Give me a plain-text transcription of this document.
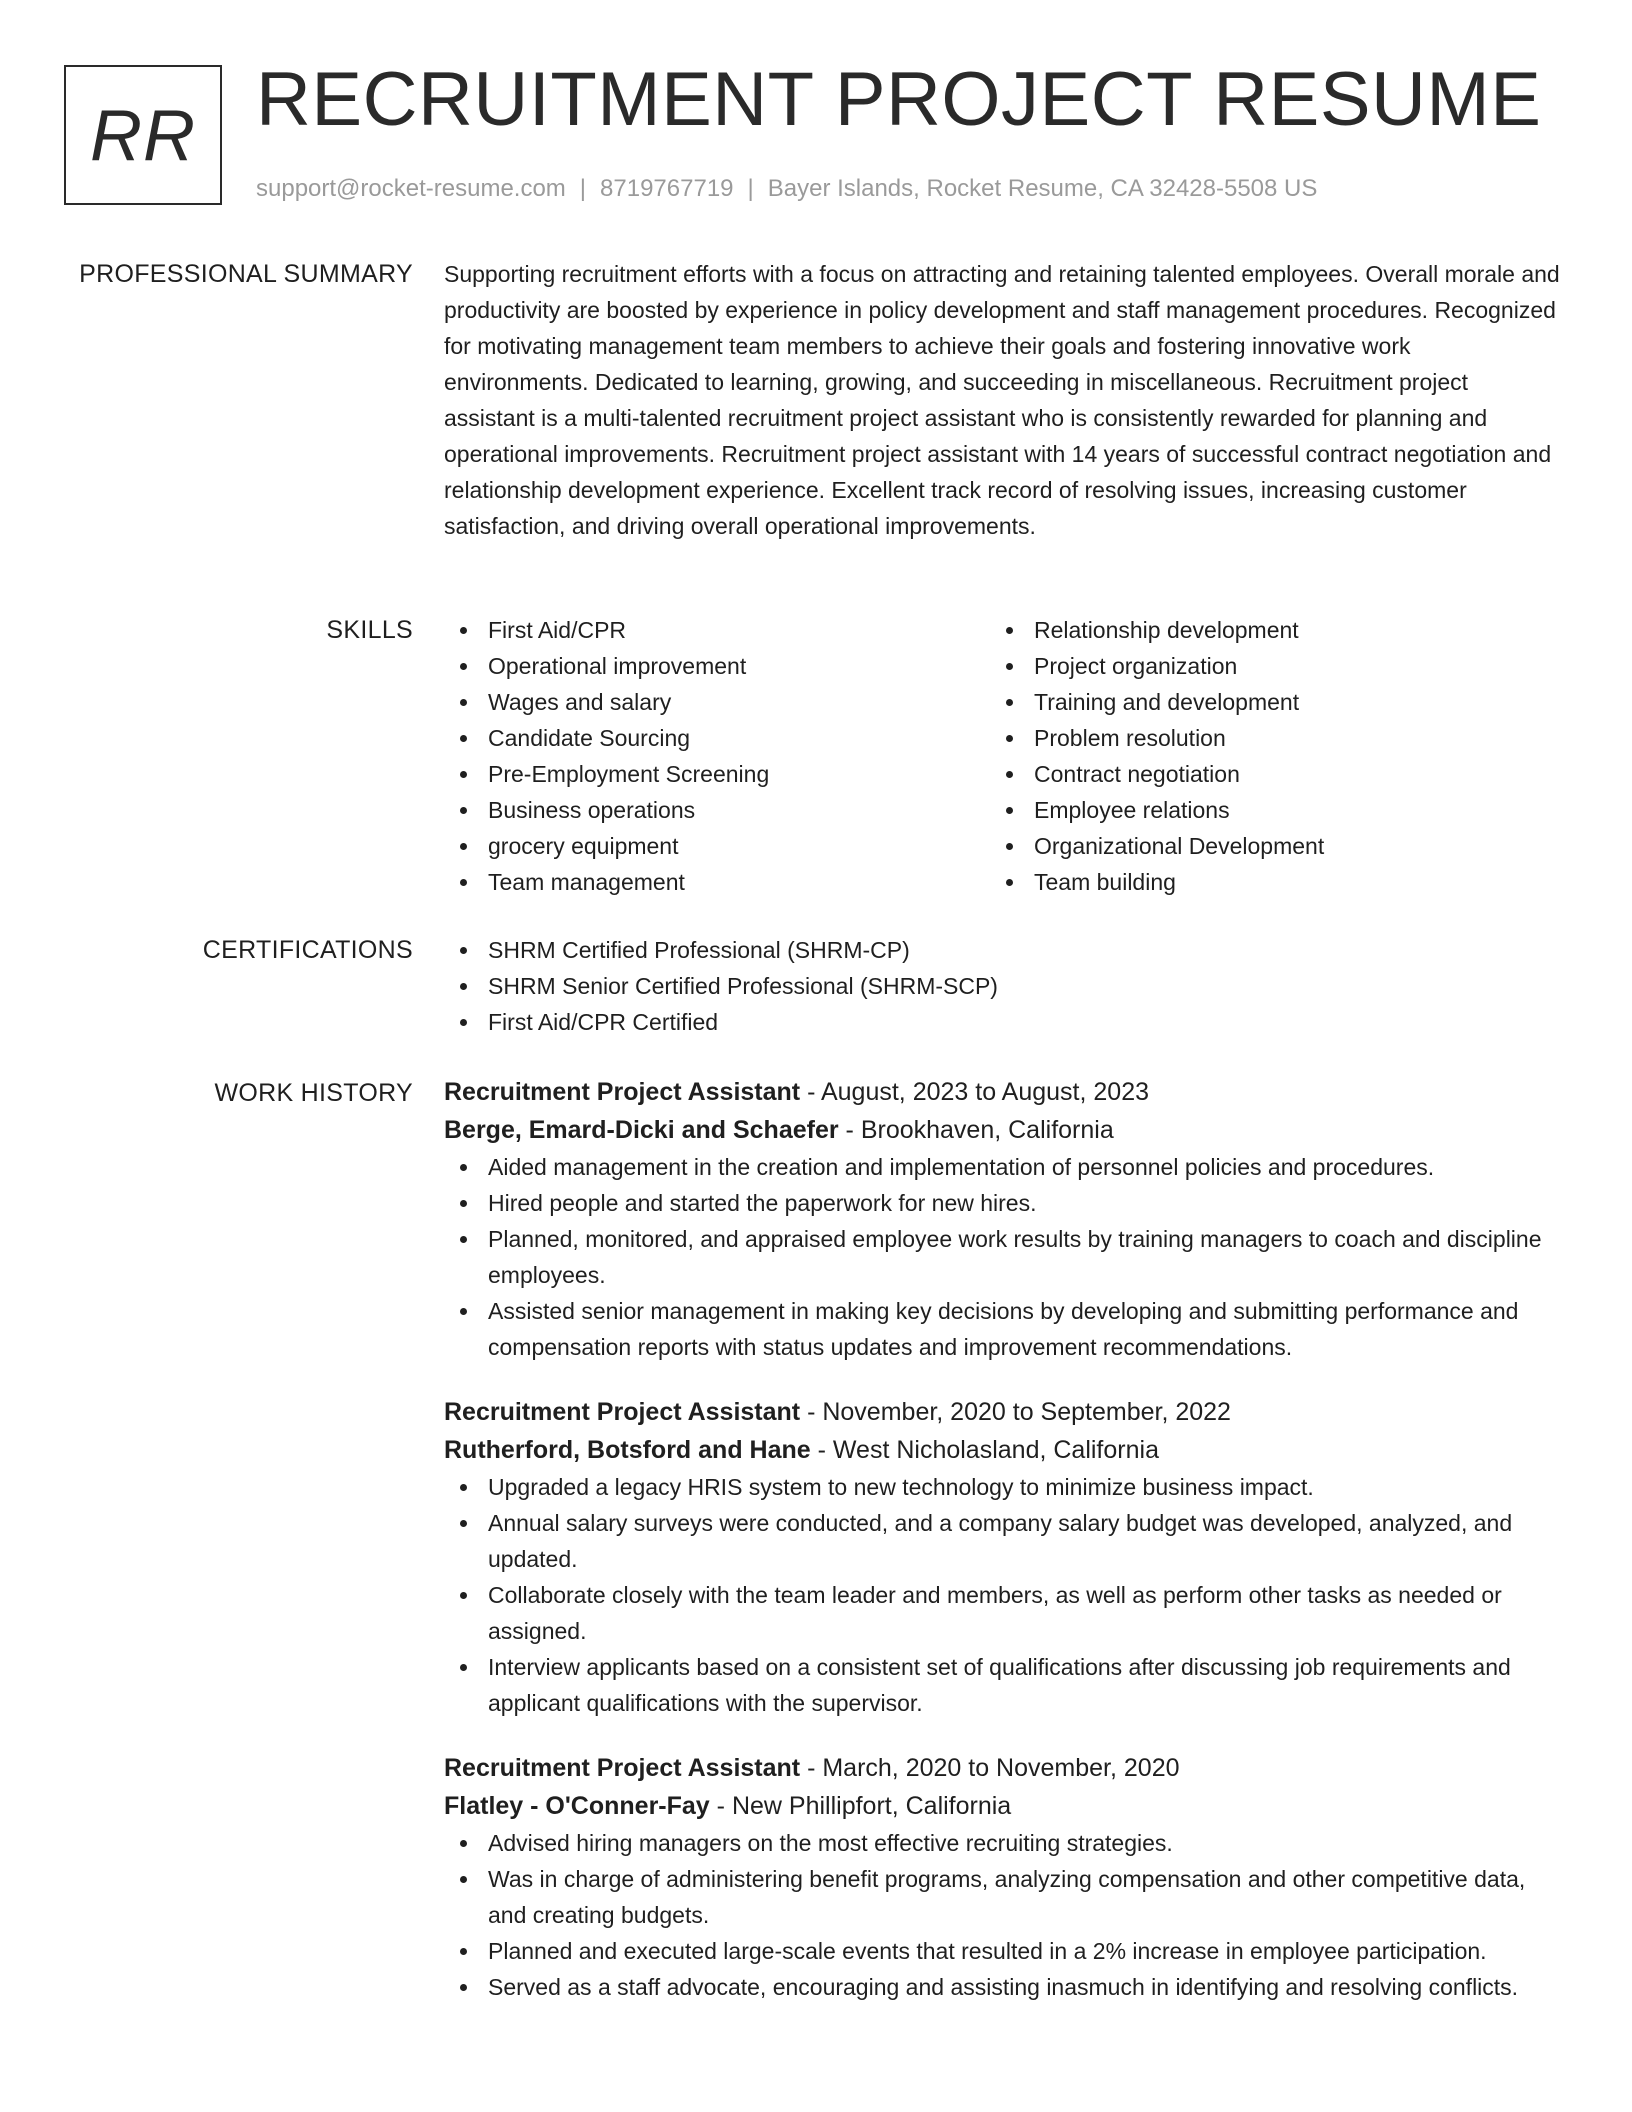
RR RECRUITMENT PROJECT RESUME
support@rocket-resume.com | 8719767719 | Bayer Islands, Rocket Resume, CA 32428-5508 US
PROFESSIONAL SUMMARY Supporting recruitment efforts with a focus on attracting and retaining talented employees. Overall morale and productivity are boosted by experience in policy development and staff management procedures. Recognized for motivating management team members to achieve their goals and fostering innovative work environments. Dedicated to learning, growing, and succeeding in miscellaneous. Recruitment project assistant is a multi-talented recruitment project assistant who is consistently rewarded for planning and operational improvements. Recruitment project assistant with 14 years of successful contract negotiation and relationship development experience. Excellent track record of resolving issues, increasing customer satisfaction, and driving overall operational improvements.

SKILLS	First Aid/CPR
Operational improvement
Wages and salary
Candidate Sourcing
Pre-Employment Screening
Business operations
grocery equipment
Team management
Relationship development
Project organization
Training and development
Problem resolution
Contract negotiation
Employee relations
Organizational Development
Team building
CERTIFICATIONS	SHRM Certified Professional (SHRM-CP)
SHRM Senior Certified Professional (SHRM-SCP)
First Aid/CPR Certified
WORK HISTORY Recruitment Project Assistant - August, 2023 to August, 2023
Berge, Emard-Dicki and Schaefer - Brookhaven, California
Aided management in the creation and implementation of personnel policies and procedures.
Hired people and started the paperwork for new hires.
Planned, monitored, and appraised employee work results by training managers to coach and discipline employees.
Assisted senior management in making key decisions by developing and submitting performance and compensation reports with status updates and improvement recommendations.
Recruitment Project Assistant - November, 2020 to September, 2022
Rutherford, Botsford and Hane - West Nicholasland, California
Upgraded a legacy HRIS system to new technology to minimize business impact.
Annual salary surveys were conducted, and a company salary budget was developed, analyzed, and updated.
Collaborate closely with the team leader and members, as well as perform other tasks as needed or assigned.
Interview applicants based on a consistent set of qualifications after discussing job requirements and applicant qualifications with the supervisor.
Recruitment Project Assistant - March, 2020 to November, 2020
Flatley - O'Conner-Fay - New Phillipfort, California
Advised hiring managers on the most effective recruiting strategies.
Was in charge of administering benefit programs, analyzing compensation and other competitive data, and creating budgets.
Planned and executed large-scale events that resulted in a 2% increase in employee participation.
Served as a staff advocate, encouraging and assisting inasmuch in identifying and resolving conflicts.
